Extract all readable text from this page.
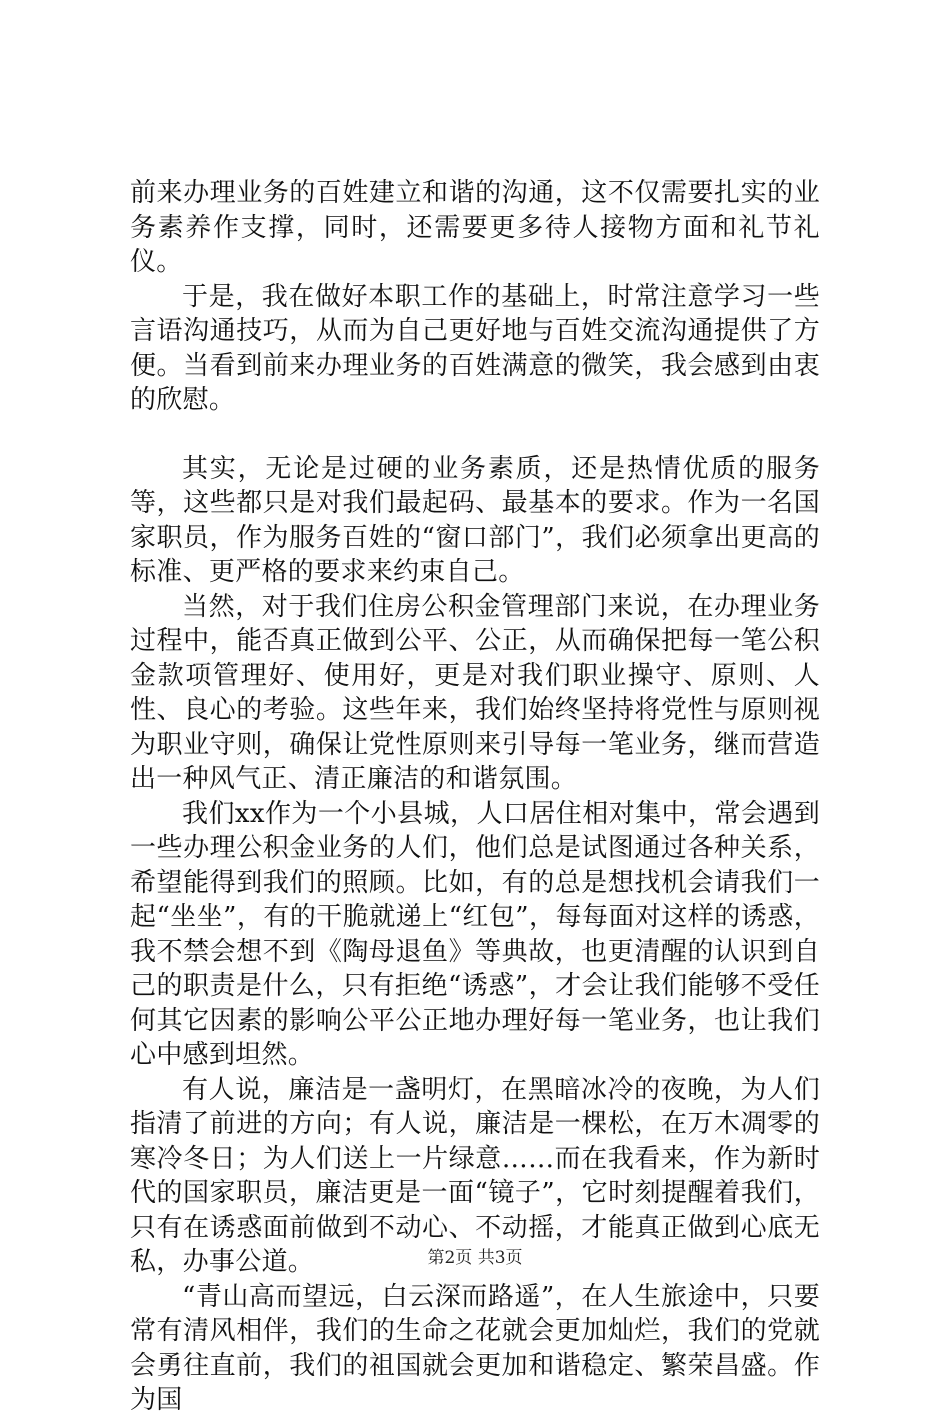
前来办理业务的百姓建立和谐的沟通，这不仅需要扎实的业务素养作支撑，同时，还需要更多待人接物方面和礼节礼仪。

于是，我在做好本职工作的基础上，时常注意学习一些言语沟通技巧，从而为自己更好地与百姓交流沟通提供了方便。当看到前来办理业务的百姓满意的微笑，我会感到由衷的欣慰。

其实，无论是过硬的业务素质，还是热情优质的服务等，这些都只是对我们最起码、最基本的要求。作为一名国家职员，作为服务百姓的“窗口部门”，我们必须拿出更高的标准、更严格的要求来约束自己。

当然，对于我们住房公积金管理部门来说，在办理业务过程中，能否真正做到公平、公正，从而确保把每一笔公积金款项管理好、使用好，更是对我们职业操守、原则、人性、良心的考验。这些年来，我们始终坚持将党性与原则视为职业守则，确保让党性原则来引导每一笔业务，继而营造出一种风气正、清正廉洁的和谐氛围。

我们xx作为一个小县城，人口居住相对集中，常会遇到一些办理公积金业务的人们，他们总是试图通过各种关系，希望能得到我们的照顾。比如，有的总是想找机会请我们一起“坐坐”，有的干脆就递上“红包”，每每面对这样的诱惑，我不禁会想不到《陶母退鱼》等典故，也更清醒的认识到自己的职责是什么，只有拒绝“诱惑”，才会让我们能够不受任何其它因素的影响公平公正地办理好每一笔业务，也让我们心中感到坦然。

有人说，廉洁是一盏明灯，在黑暗冰冷的夜晚，为人们指清了前进的方向；有人说，廉洁是一棵松，在万木凋零的寒冷冬日；为人们送上一片绿意……而在我看来，作为新时代的国家职员，廉洁更是一面“镜子”，它时刻提醒着我们，只有在诱惑面前做到不动心、不动摇，才能真正做到心底无私，办事公道。

“青山高而望远，白云深而路遥”，在人生旅途中，只要常有清风相伴，我们的生命之花就会更加灿烂，我们的党就会勇往直前，我们的祖国就会更加和谐稳定、繁荣昌盛。作为国

第2页 共3页
